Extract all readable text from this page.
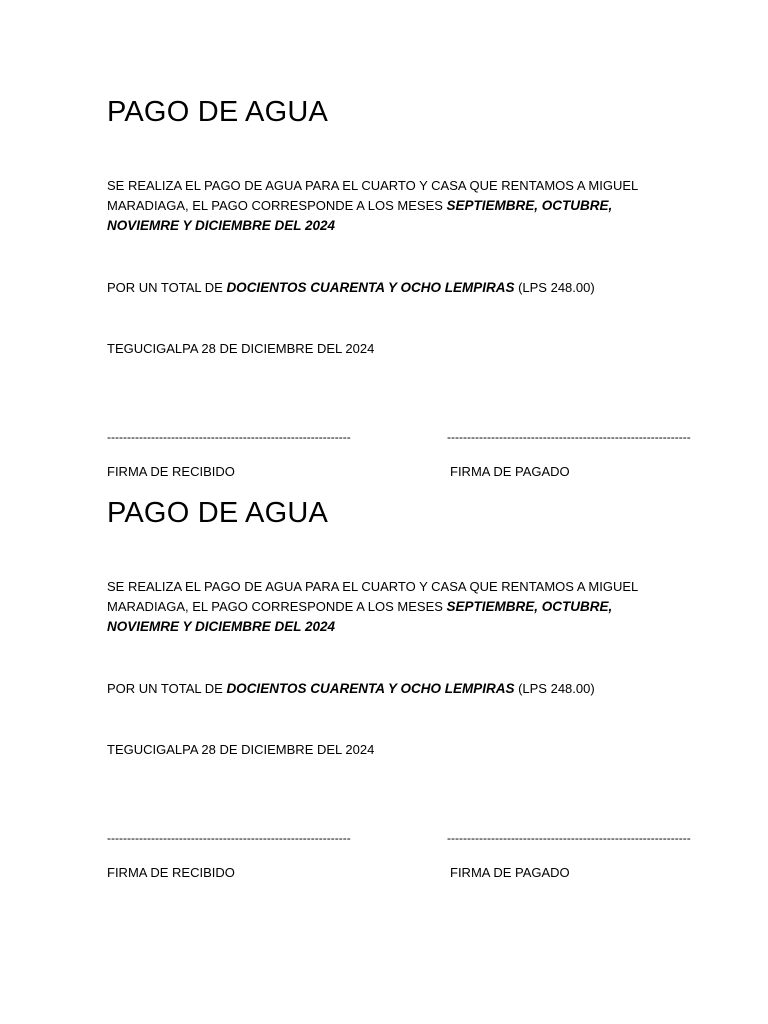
PAGO DE AGUA

SE REALIZA EL PAGO DE AGUA PARA EL CUARTO Y CASA QUE RENTAMOS A MIGUEL MARADIAGA, EL PAGO CORRESPONDE A LOS MESES SEPTIEMBRE, OCTUBRE, NOVIEMRE Y DICIEMBRE DEL 2024

POR UN TOTAL DE DOCIENTOS CUARENTA Y OCHO LEMPIRAS (LPS 248.00)

TEGUCIGALPA 28 DE DICIEMBRE DEL 2024

-------------------------------------------------------------	-------------------------------------------------------------
FIRMA DE RECIBIDO	FIRMA DE PAGADO
PAGO DE AGUA

SE REALIZA EL PAGO DE AGUA PARA EL CUARTO Y CASA QUE RENTAMOS A MIGUEL MARADIAGA, EL PAGO CORRESPONDE A LOS MESES SEPTIEMBRE, OCTUBRE, NOVIEMRE Y DICIEMBRE DEL 2024

POR UN TOTAL DE DOCIENTOS CUARENTA Y OCHO LEMPIRAS (LPS 248.00)

TEGUCIGALPA 28 DE DICIEMBRE DEL 2024

-------------------------------------------------------------	-------------------------------------------------------------
FIRMA DE RECIBIDO	FIRMA DE PAGADO
